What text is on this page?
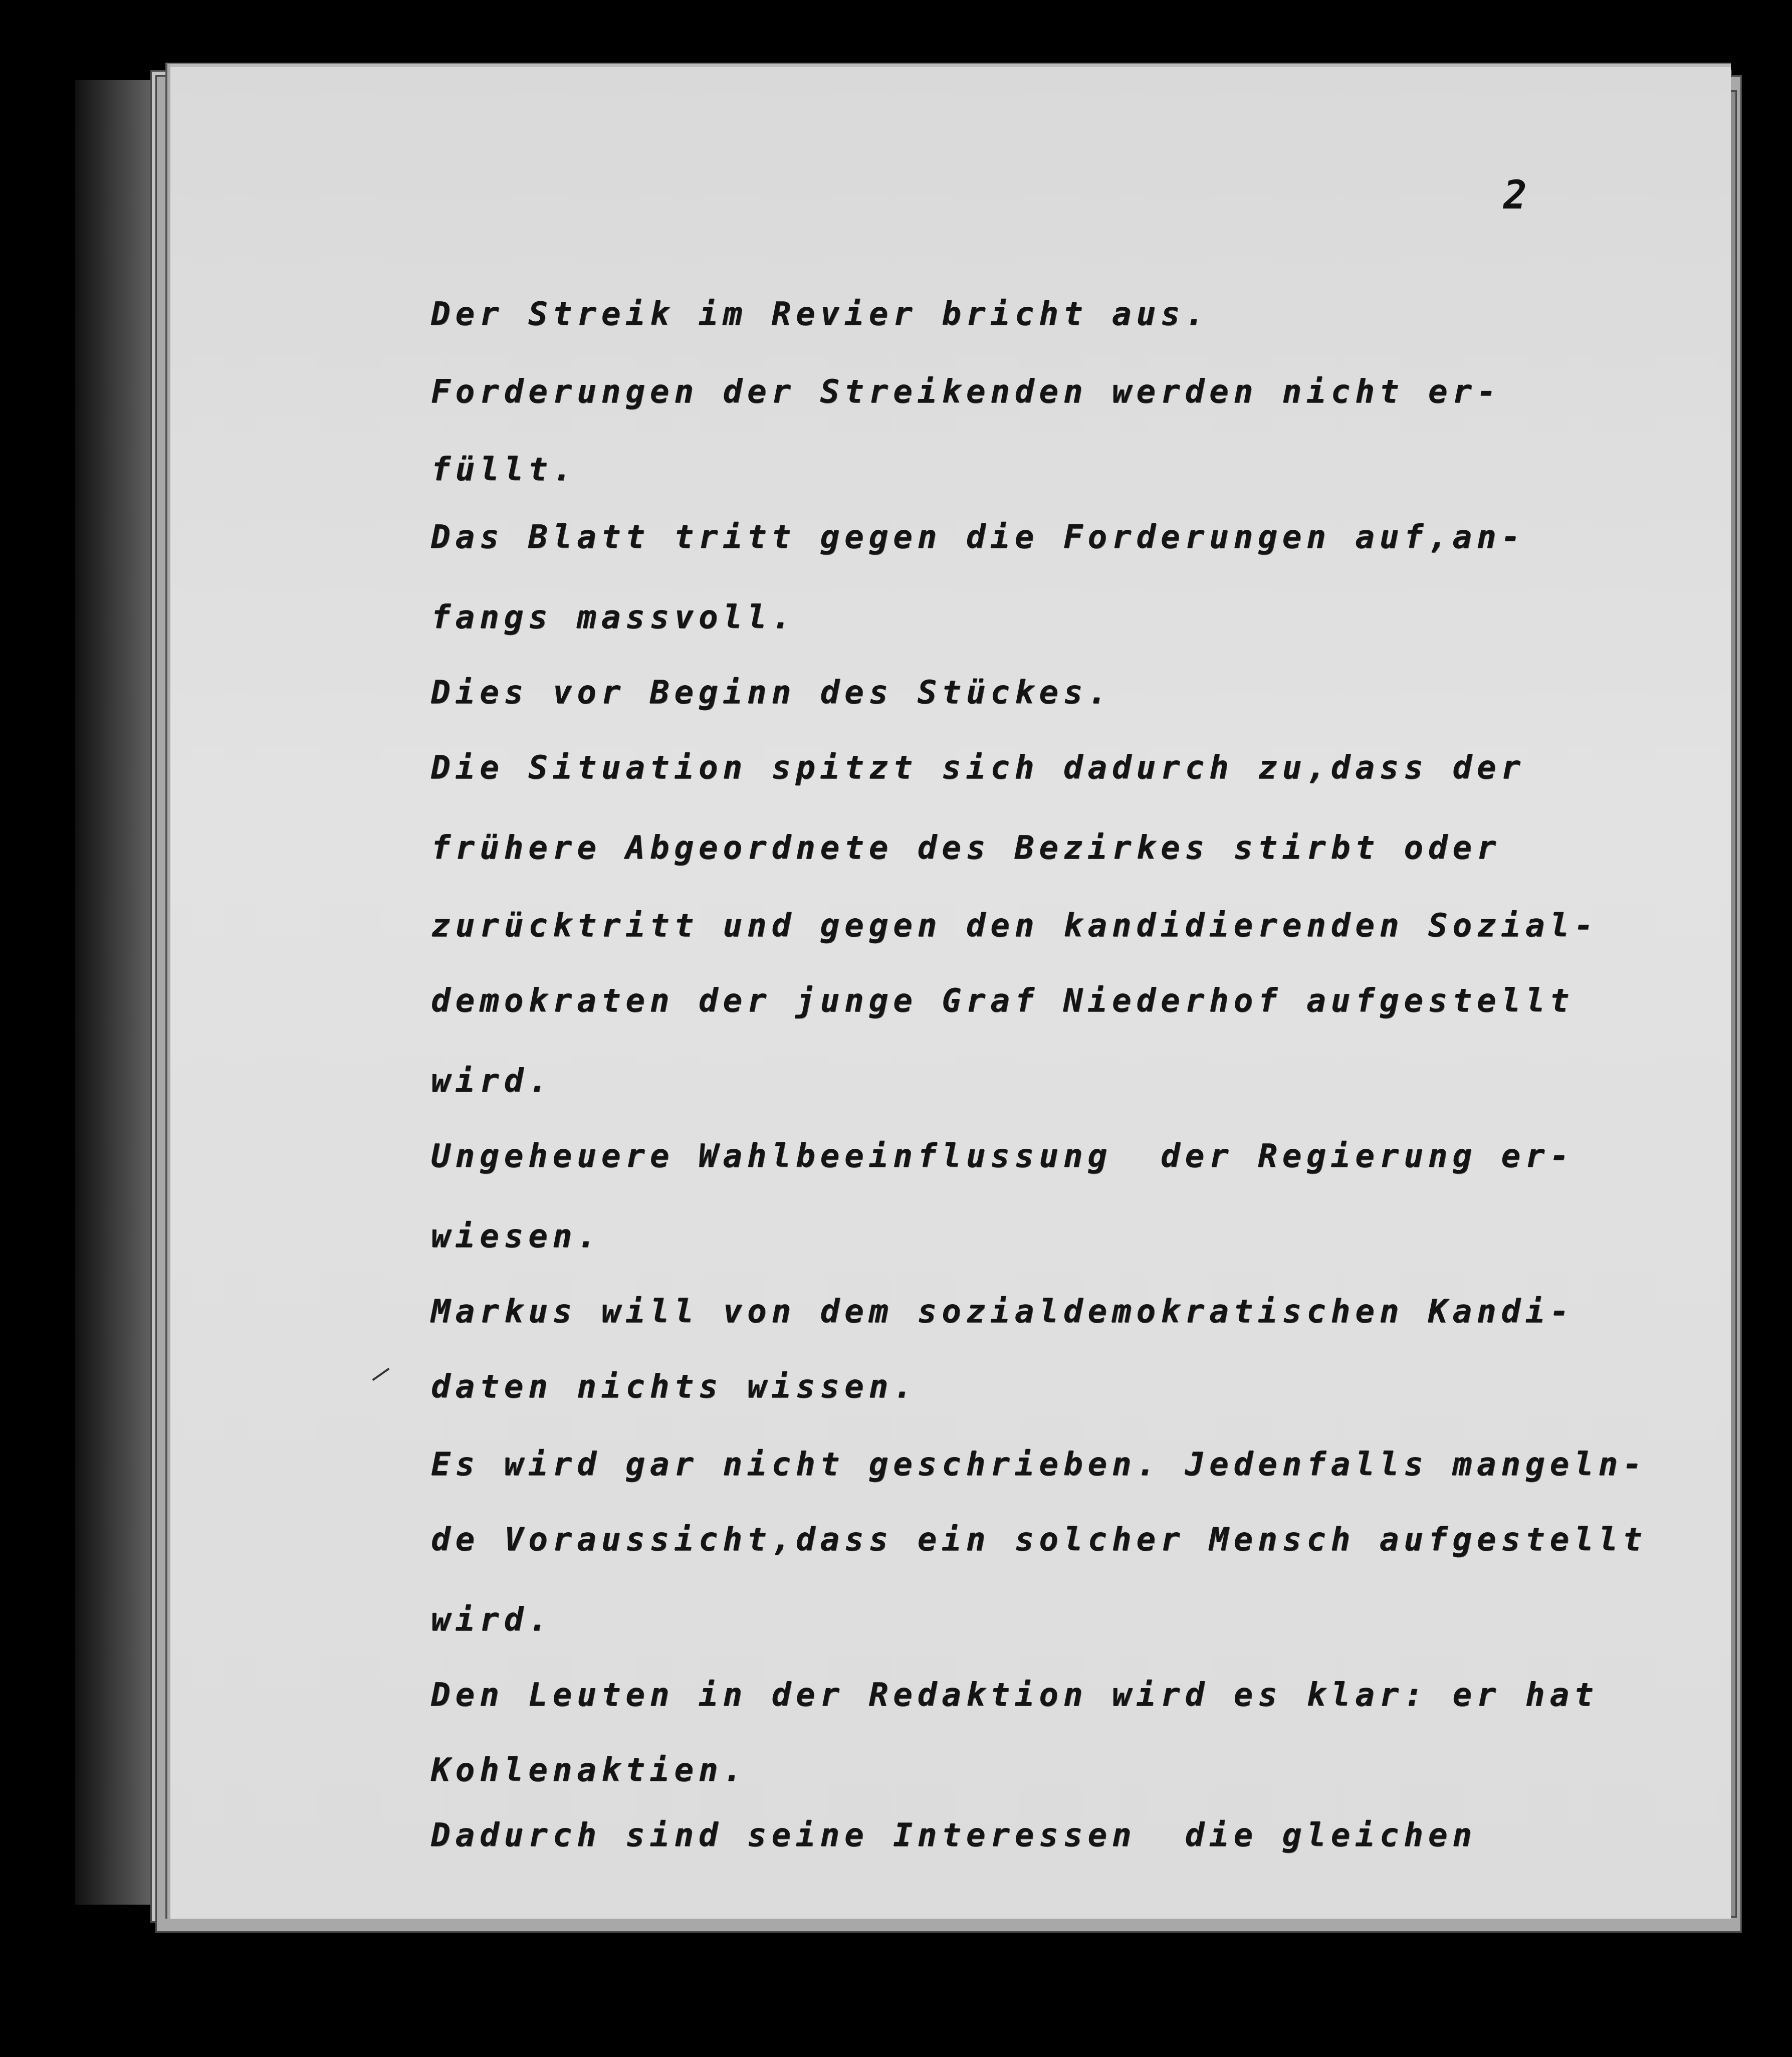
2
Der Streik im Revier bricht aus.
Forderungen der Streikenden werden nicht er-
füllt.
Das Blatt tritt gegen die Forderungen auf,an-
fangs massvoll.
Dies vor Beginn des Stückes.
Die Situation spitzt sich dadurch zu,dass der
frühere Abgeordnete des Bezirkes stirbt oder
zurücktritt und gegen den kandidierenden Sozial-
demokraten der junge Graf Niederhof aufgestellt
wird.
Ungeheuere Wahlbeeinflussung  der Regierung er-
wiesen.
Markus will von dem sozialdemokratischen Kandi-
daten nichts wissen.
Es wird gar nicht geschrieben. Jedenfalls mangeln-
de Voraussicht,dass ein solcher Mensch aufgestellt
wird.
Den Leuten in der Redaktion wird es klar: er hat
Kohlenaktien.
Dadurch sind seine Interessen  die gleichen
